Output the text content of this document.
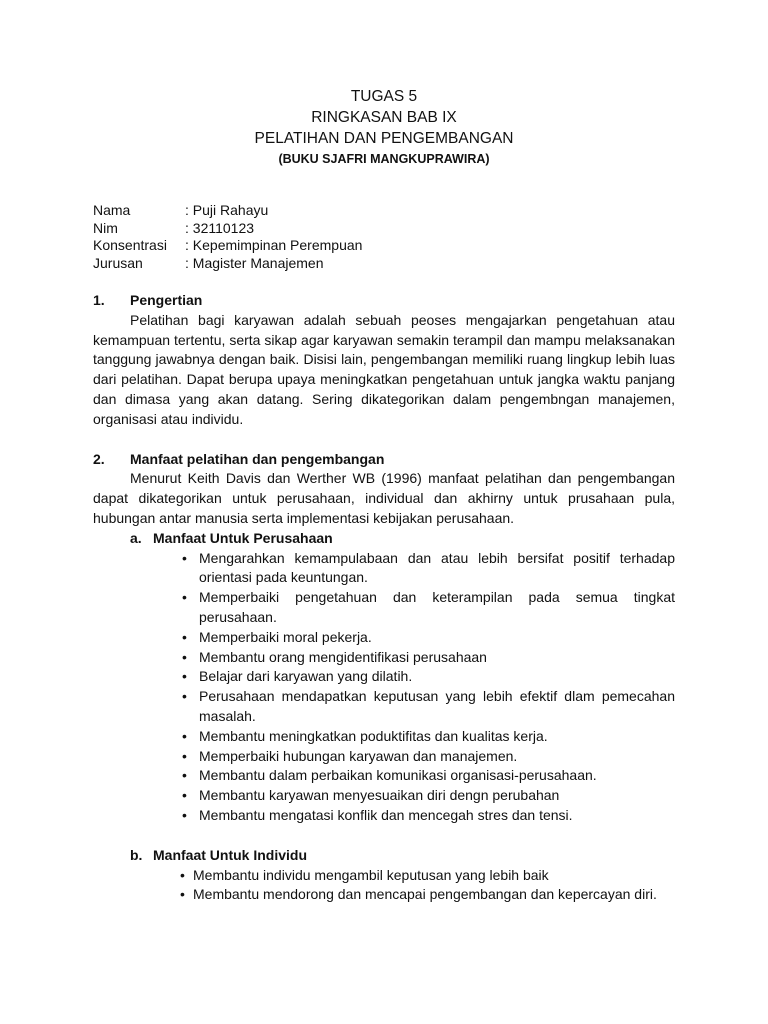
TUGAS 5
RINGKASAN BAB IX
PELATIHAN DAN PENGEMBANGAN
(BUKU SJAFRI MANGKUPRAWIRA)
Nama	: Puji Rahayu
Nim	: 32110123
Konsentrasi	: Kepemimpinan Perempuan
Jurusan	: Magister Manajemen
1.	Pengertian
Pelatihan bagi karyawan adalah sebuah peoses mengajarkan pengetahuan atau kemampuan tertentu, serta sikap agar karyawan semakin terampil dan mampu melaksanakan tanggung jawabnya dengan baik. Disisi lain, pengembangan memiliki ruang lingkup lebih luas dari pelatihan. Dapat berupa upaya meningkatkan pengetahuan untuk jangka waktu panjang dan dimasa yang akan datang. Sering dikategorikan dalam pengembngan manajemen, organisasi atau individu.
2.	Manfaat pelatihan dan pengembangan
Menurut Keith Davis dan Werther WB (1996) manfaat pelatihan dan pengembangan dapat dikategorikan untuk perusahaan, individual dan akhirny untuk prusahaan pula, hubungan antar manusia serta implementasi kebijakan perusahaan.
a. Manfaat Untuk Perusahaan
• Mengarahkan kemampulabaan dan atau lebih bersifat positif terhadap orientasi pada keuntungan.
• Memperbaiki pengetahuan dan keterampilan pada semua tingkat perusahaan.
• Memperbaiki moral pekerja.
• Membantu orang mengidentifikasi perusahaan
• Belajar dari karyawan yang dilatih.
• Perusahaan mendapatkan keputusan yang lebih efektif dlam pemecahan masalah.
• Membantu meningkatkan poduktifitas dan kualitas kerja.
• Memperbaiki hubungan karyawan dan manajemen.
• Membantu dalam perbaikan komunikasi organisasi-perusahaan.
• Membantu karyawan menyesuaikan diri dengn perubahan
• Membantu mengatasi konflik dan mencegah stres dan tensi.
b. Manfaat Untuk Individu
• Membantu individu mengambil keputusan yang lebih baik
• Membantu mendorong dan mencapai pengembangan dan kepercayan diri.
